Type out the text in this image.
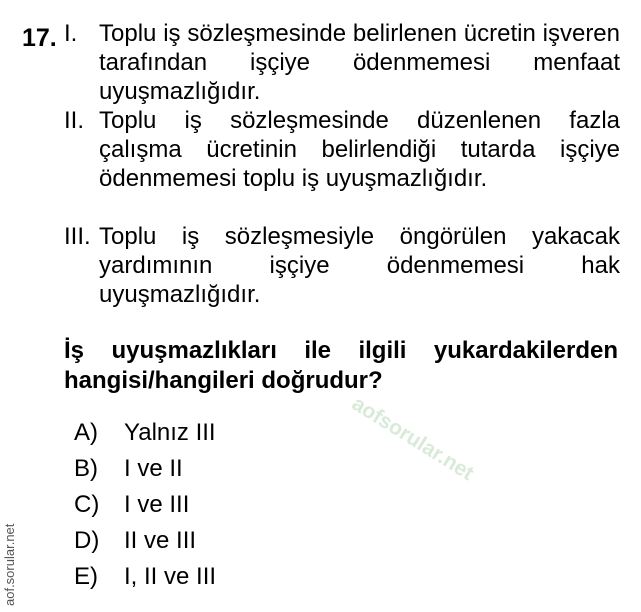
17. I. Toplu iş sözleşmesinde belirlenen ücretin işveren tarafından işçiye ödenmemesi menfaat uyuşmazlığıdır.
II. Toplu iş sözleşmesinde düzenlenen fazla çalışma ücretinin belirlendiği tutarda işçiye ödenmemesi toplu iş uyuşmazlığıdır.
III. Toplu iş sözleşmesiyle öngörülen yakacak yardımının işçiye ödenmemesi hak uyuşmazlığıdır.
İş uyuşmazlıkları ile ilgili yukardakilerden hangisi/hangileri doğrudur?
A) Yalnız III
B) I ve II
C) I ve III
D) II ve III
E) I, II ve III
aofsorular.net
aof.sorular.net
